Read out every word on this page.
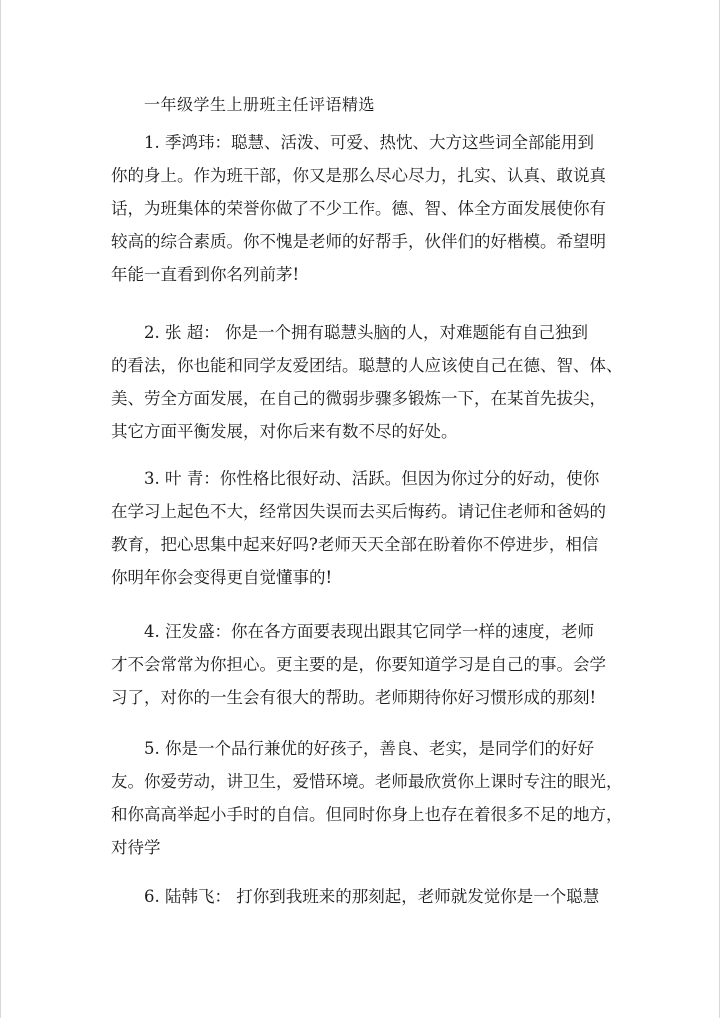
一年级学生上册班主任评语精选
1. 季鸿玮：聪慧、活泼、可爱、热忱、大方这些词全部能用到
你的身上。作为班干部，你又是那么尽心尽力，扎实、认真、敢说真
话，为班集体的荣誉你做了不少工作。德、智、体全方面发展使你有
较高的综合素质。你不愧是老师的好帮手，伙伴们的好楷模。希望明
年能一直看到你名列前茅!
2. 张 超： 你是一个拥有聪慧头脑的人，对难题能有自己独到
的看法，你也能和同学友爱团结。聪慧的人应该使自己在德、智、体、
美、劳全方面发展，在自己的微弱步骤多锻炼一下，在某首先拔尖，
其它方面平衡发展，对你后来有数不尽的好处。
3. 叶 青：你性格比很好动、活跃。但因为你过分的好动，使你
在学习上起色不大，经常因失误而去买后悔药。请记住老师和爸妈的
教育，把心思集中起来好吗?老师天天全部在盼着你不停进步，相信
你明年你会变得更自觉懂事的!
4. 汪发盛：你在各方面要表现出跟其它同学一样的速度，老师
才不会常常为你担心。更主要的是，你要知道学习是自己的事。会学
习了，对你的一生会有很大的帮助。老师期待你好习惯形成的那刻!
5. 你是一个品行兼优的好孩子，善良、老实，是同学们的好好
友。你爱劳动，讲卫生，爱惜环境。老师最欣赏你上课时专注的眼光，
和你高高举起小手时的自信。但同时你身上也存在着很多不足的地方，
对待学
6. 陆韩飞： 打你到我班来的那刻起，老师就发觉你是一个聪慧
